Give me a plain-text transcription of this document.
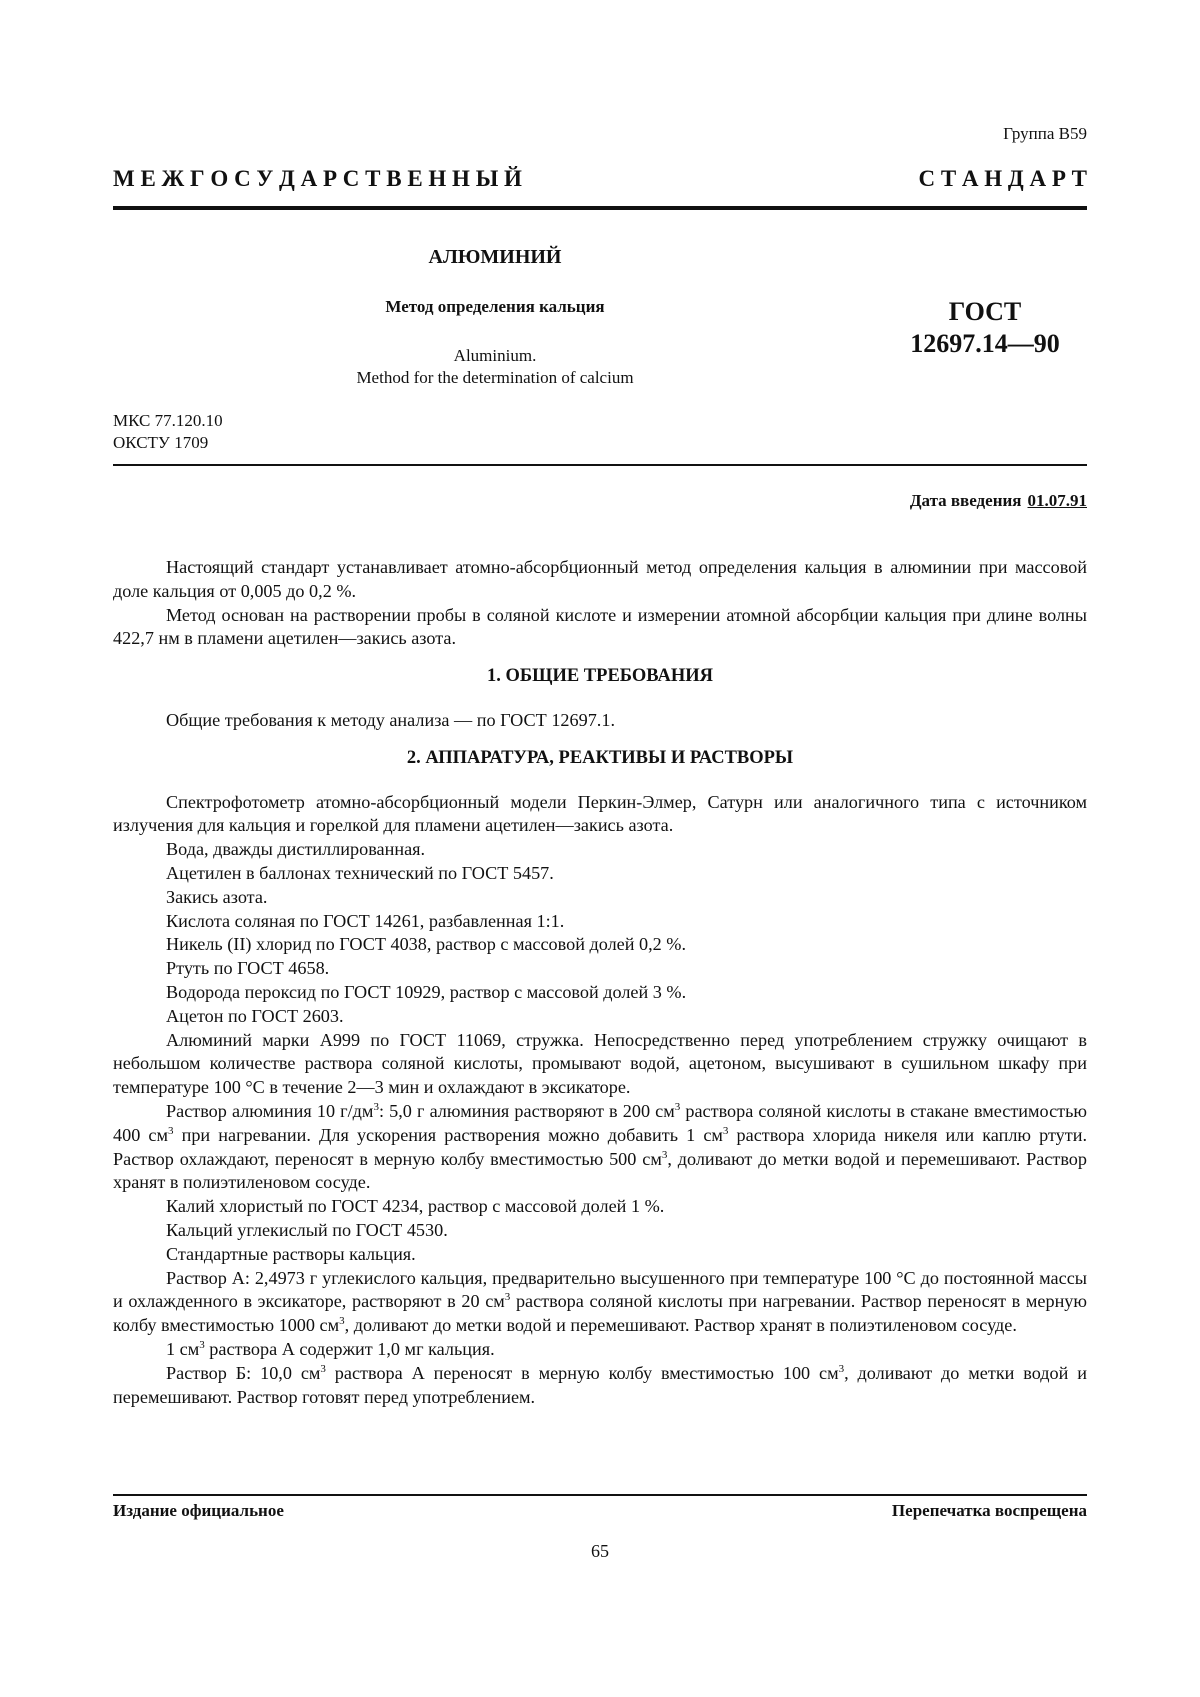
Группа В59
М Е Ж Г О С У Д А Р С Т В Е Н Н Ы Й	С Т А Н Д А Р Т
АЛЮМИНИЙ
Метод определения кальция
Aluminium.
Method for the determination of calcium
ГОСТ
12697.14—90
МКС 77.120.10
ОКСТУ 1709
Дата введения 01.07.91

Настоящий стандарт устанавливает атомно-абсорбционный метод определения кальция в алюминии при массовой доле кальция от 0,005 до 0,2 %.

Метод основан на растворении пробы в соляной кислоте и измерении атомной абсорбции кальция при длине волны 422,7 нм в пламени ацетилен—закись азота.

1. ОБЩИЕ ТРЕБОВАНИЯ

Общие требования к методу анализа — по ГОСТ 12697.1.

2. АППАРАТУРА, РЕАКТИВЫ И РАСТВОРЫ

Спектрофотометр атомно-абсорбционный модели Перкин-Элмер, Сатурн или аналогичного типа с источником излучения для кальция и горелкой для пламени ацетилен—закись азота.

Вода, дважды дистиллированная.

Ацетилен в баллонах технический по ГОСТ 5457.

Закись азота.

Кислота соляная по ГОСТ 14261, разбавленная 1:1.

Никель (II) хлорид по ГОСТ 4038, раствор с массовой долей 0,2 %.

Ртуть по ГОСТ 4658.

Водорода пероксид по ГОСТ 10929, раствор с массовой долей 3 %.

Ацетон по ГОСТ 2603.

Алюминий марки А999 по ГОСТ 11069, стружка. Непосредственно перед употреблением стружку очищают в небольшом количестве раствора соляной кислоты, промывают водой, ацетоном, высушивают в сушильном шкафу при температуре 100 °С в течение 2—3 мин и охлаждают в эксикаторе.

Раствор алюминия 10 $г/дм^3$: 5,0 г алюминия растворяют в 200 $см^3$ раствора соляной кислоты в стакане вместимостью 400 $см^3$ при нагревании. Для ускорения растворения можно добавить 1 $см^3$ раствора хлорида никеля или каплю ртути. Раствор охлаждают, переносят в мерную колбу вместимостью 500 $см^3$, доливают до метки водой и перемешивают. Раствор хранят в полиэтиленовом сосуде.

Калий хлористый по ГОСТ 4234, раствор с массовой долей 1 %.

Кальций углекислый по ГОСТ 4530.

Стандартные растворы кальция.

Раствор А: 2,4973 г углекислого кальция, предварительно высушенного при температуре 100 °С до постоянной массы и охлажденного в эксикаторе, растворяют в 20 $см^3$ раствора соляной кислоты при нагревании. Раствор переносят в мерную колбу вместимостью 1000 $см^3$, доливают до метки водой и перемешивают. Раствор хранят в полиэтиленовом сосуде.

1 $см^3$ раствора А содержит 1,0 мг кальция.

Раствор Б: 10,0 $см^3$ раствора А переносят в мерную колбу вместимостью 100 $см^3$, доливают до метки водой и перемешивают. Раствор готовят перед употреблением.

Издание официальное	Перепечатка воспрещена
65
